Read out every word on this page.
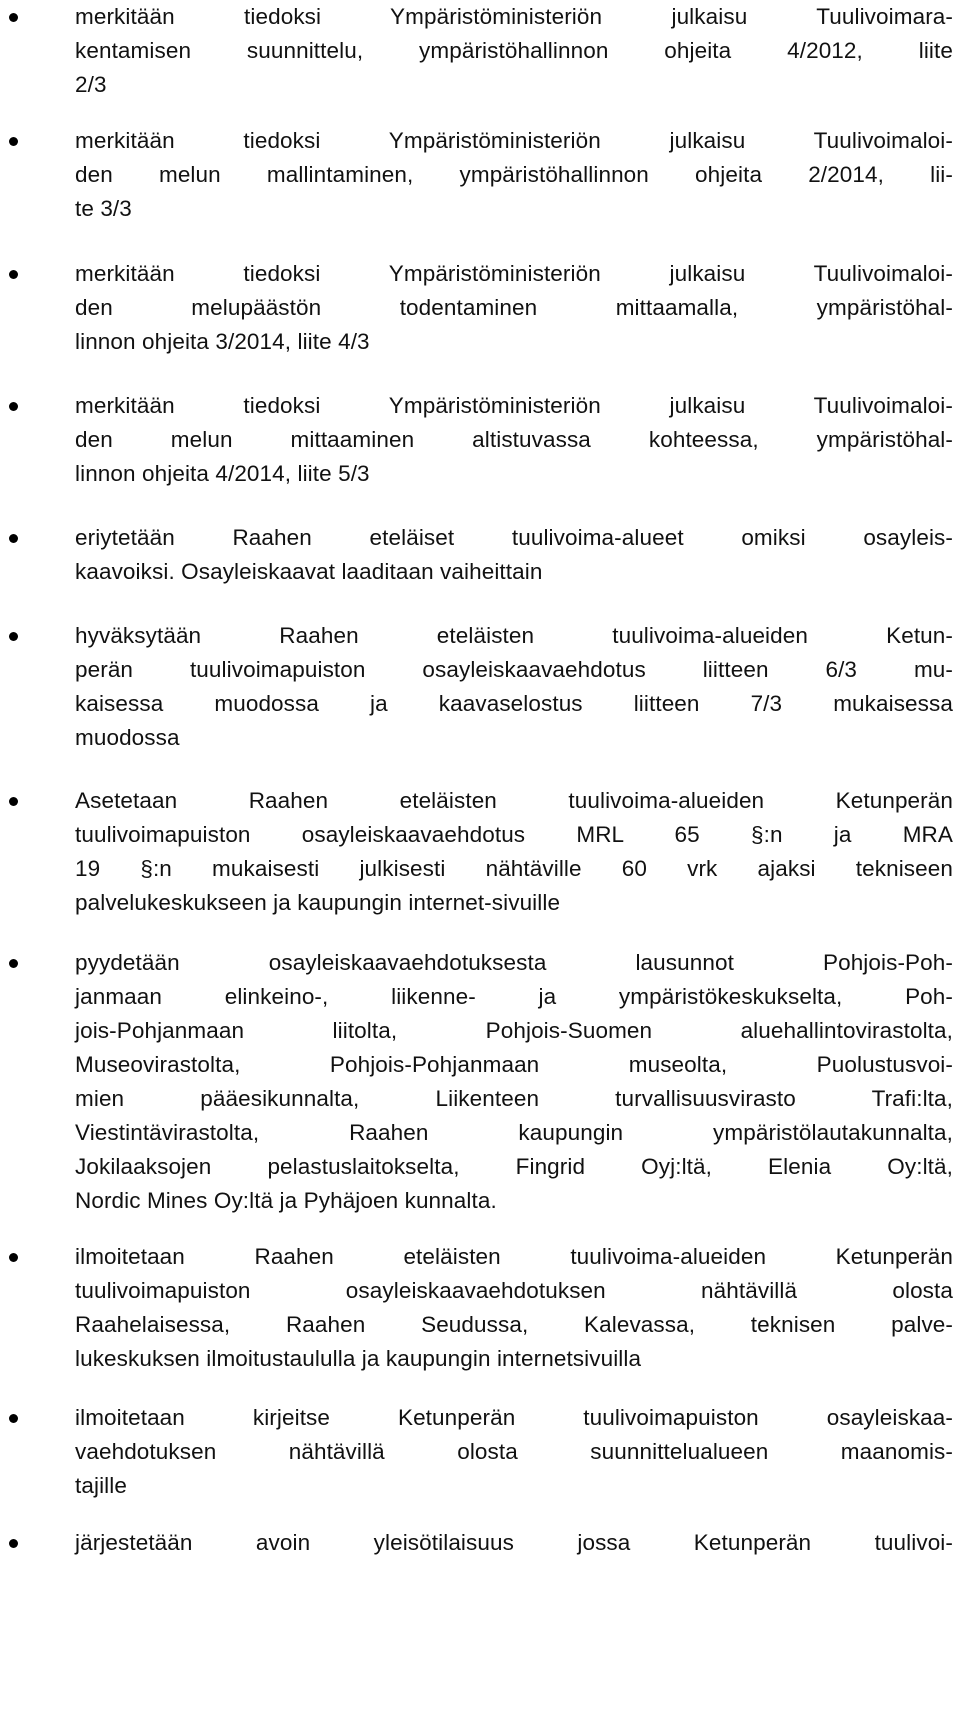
merkitään tiedoksi Ympäristöministeriön julkaisu Tuulivoimara-
kentamisen suunnittelu, ympäristöhallinnon ohjeita 4/2012, liite
2/3
merkitään tiedoksi Ympäristöministeriön julkaisu Tuulivoimaloi-
den melun mallintaminen, ympäristöhallinnon ohjeita 2/2014, lii-
te 3/3
merkitään tiedoksi Ympäristöministeriön julkaisu Tuulivoimaloi-
den melupäästön todentaminen mittaamalla, ympäristöhal-
linnon ohjeita 3/2014, liite 4/3
merkitään tiedoksi Ympäristöministeriön julkaisu Tuulivoimaloi-
den melun mittaaminen altistuvassa kohteessa, ympäristöhal-
linnon ohjeita 4/2014, liite 5/3
eriytetään Raahen eteläiset tuulivoima-alueet omiksi osayleis-
kaavoiksi. Osayleiskaavat laaditaan vaiheittain
hyväksytään Raahen eteläisten tuulivoima-alueiden Ketun-
perän tuulivoimapuiston osayleiskaavaehdotus liitteen 6/3 mu-
kaisessa muodossa ja kaavaselostus liitteen 7/3 mukaisessa
muodossa
Asetetaan Raahen eteläisten tuulivoima-alueiden Ketunperän
tuulivoimapuiston osayleiskaavaehdotus MRL 65 §:n ja MRA
19 §:n mukaisesti julkisesti nähtäville 60 vrk ajaksi tekniseen
palvelukeskukseen ja kaupungin internet-sivuille
pyydetään osayleiskaavaehdotuksesta lausunnot Pohjois-Poh-
janmaan elinkeino-, liikenne- ja ympäristökeskukselta, Poh-
jois-Pohjanmaan liitolta, Pohjois-Suomen aluehallintovirastolta,
Museovirastolta, Pohjois-Pohjanmaan museolta, Puolustusvoi-
mien pääesikunnalta, Liikenteen turvallisuusvirasto Trafi:lta,
Viestintävirastolta, Raahen kaupungin ympäristölautakunnalta,
Jokilaaksojen pelastuslaitokselta, Fingrid Oyj:ltä, Elenia Oy:ltä,
Nordic Mines Oy:ltä ja Pyhäjoen kunnalta.
ilmoitetaan Raahen eteläisten tuulivoima-alueiden Ketunperän
tuulivoimapuiston osayleiskaavaehdotuksen nähtävillä olosta
Raahelaisessa, Raahen Seudussa, Kalevassa, teknisen palve-
lukeskuksen ilmoitustaululla ja kaupungin internetsivuilla
ilmoitetaan kirjeitse Ketunperän tuulivoimapuiston osayleiskaa-
vaehdotuksen nähtävillä olosta suunnittelualueen maanomis-
tajille
järjestetään avoin yleisötilaisuus jossa Ketunperän tuulivoi-
